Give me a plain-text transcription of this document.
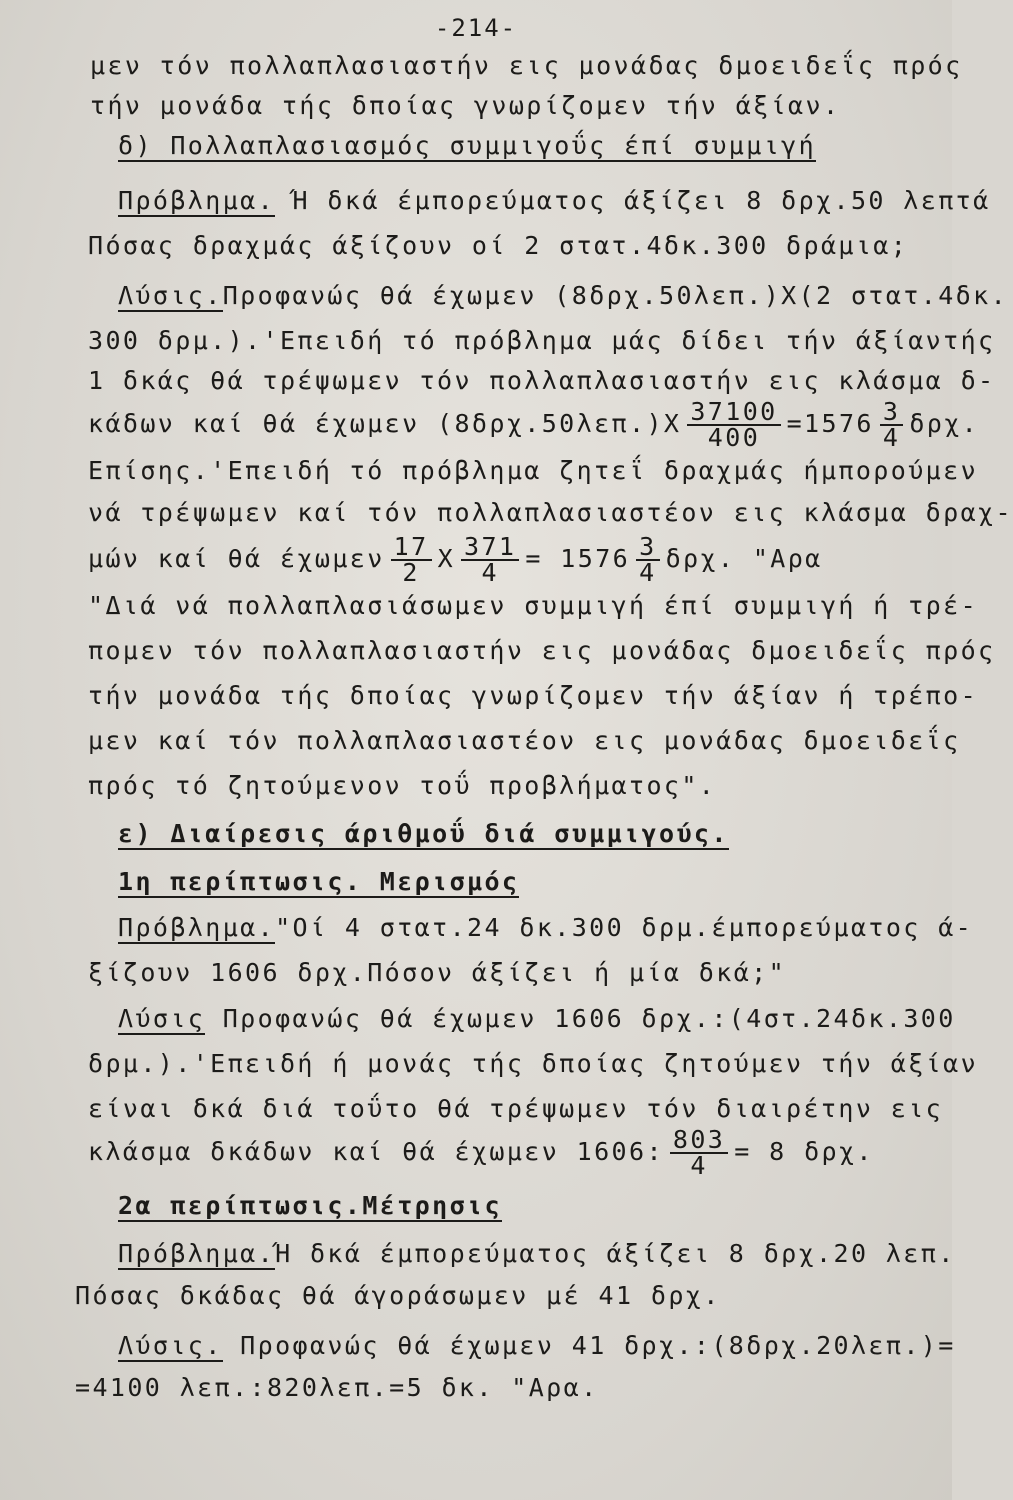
-214-
μεν τόν πολλαπλασιαστήν εις μονάδας δμοειδεΐς πρός
τήν μονάδα τής δποίας γνωρίζομεν τήν άξίαν.
δ) Πολλαπλασιασμός συμμιγοΰς έπί συμμιγή
Πρόβλημα. Ή δκά έμπορεύματος άξίζει 8 δρχ.50 λεπτά
Πόσας δραχμάς άξίζουν οί 2 στατ.4δκ.300 δράμια;
Λύσις.Προφανώς θά έχωμεν (8δρχ.50λεπ.)Χ(2 στατ.4δκ.
300 δρμ.).'Επειδή τό πρόβλημα μάς δίδει τήν άξίαντής
1 δκάς θά τρέψωμεν τόν πολλαπλασιαστήν εις κλάσμα δ-
κάδων καί θά έχωμεν $(8\delta\rho\chi.50\lambda\varepsilon\pi.)X \frac{37100}{400} =1576 \frac{3}{4} \delta\rho\chi$.
Επίσης.'Επειδή τό πρόβλημα ζητεΐ δραχμάς ήμπορούμεν
νά τρέψωμεν καί τόν πολλαπλασιαστέον εις κλάσμα δραχ-
μών καί θά έχωμεν $\frac{17}{2}$ Χ $\frac{371}{4} = 1576 \frac{3}{4} \delta\rho\chi$. "Αρα
"Διά νά πολλαπλασιάσωμεν συμμιγή έπί συμμιγή ή τρέ-
πομεν τόν πολλαπλασιαστήν εις μονάδας δμοειδεΐς πρός
τήν μονάδα τής δποίας γνωρίζομεν τήν άξίαν ή τρέπο-
μεν καί τόν πολλαπλασιαστέον εις μονάδας δμοειδεΐς
πρός τό ζητούμενον τοΰ προβλήματος".
ε) Διαίρεσις άριθμοΰ διά συμμιγούς.
1η περίπτωσις. Μερισμός
Πρόβλημα."Οί 4 στατ.24 δκ.300 δρμ.έμπορεύματος ά-
ξίζουν 1606 δρχ.Πόσον άξίζει ή μία δκά;"
Λύσις Προφανώς θά έχωμεν 1606 δρχ.:(4στ.24δκ.300
δρμ.).'Επειδή ή μονάς τής δποίας ζητούμεν τήν άξίαν
είναι δκά διά τοΰτο θά τρέψωμεν τόν διαιρέτην εις
κλάσμα δκάδων καί θά έχωμεν 1606: $\frac{803}{4} = 8$ δρχ.
2α περίπτωσις.Μέτρησις
Πρόβλημα.Ή δκά έμπορεύματος άξίζει 8 δρχ.20 λεπ.
Πόσας δκάδας θά άγοράσωμεν μέ 41 δρχ.
Λύσις. Προφανώς θά έχωμεν 41 δρχ.:(8δρχ.20λεπ.)=
=4100 λεπ.:820λεπ.=5 δκ. "Αρα.
